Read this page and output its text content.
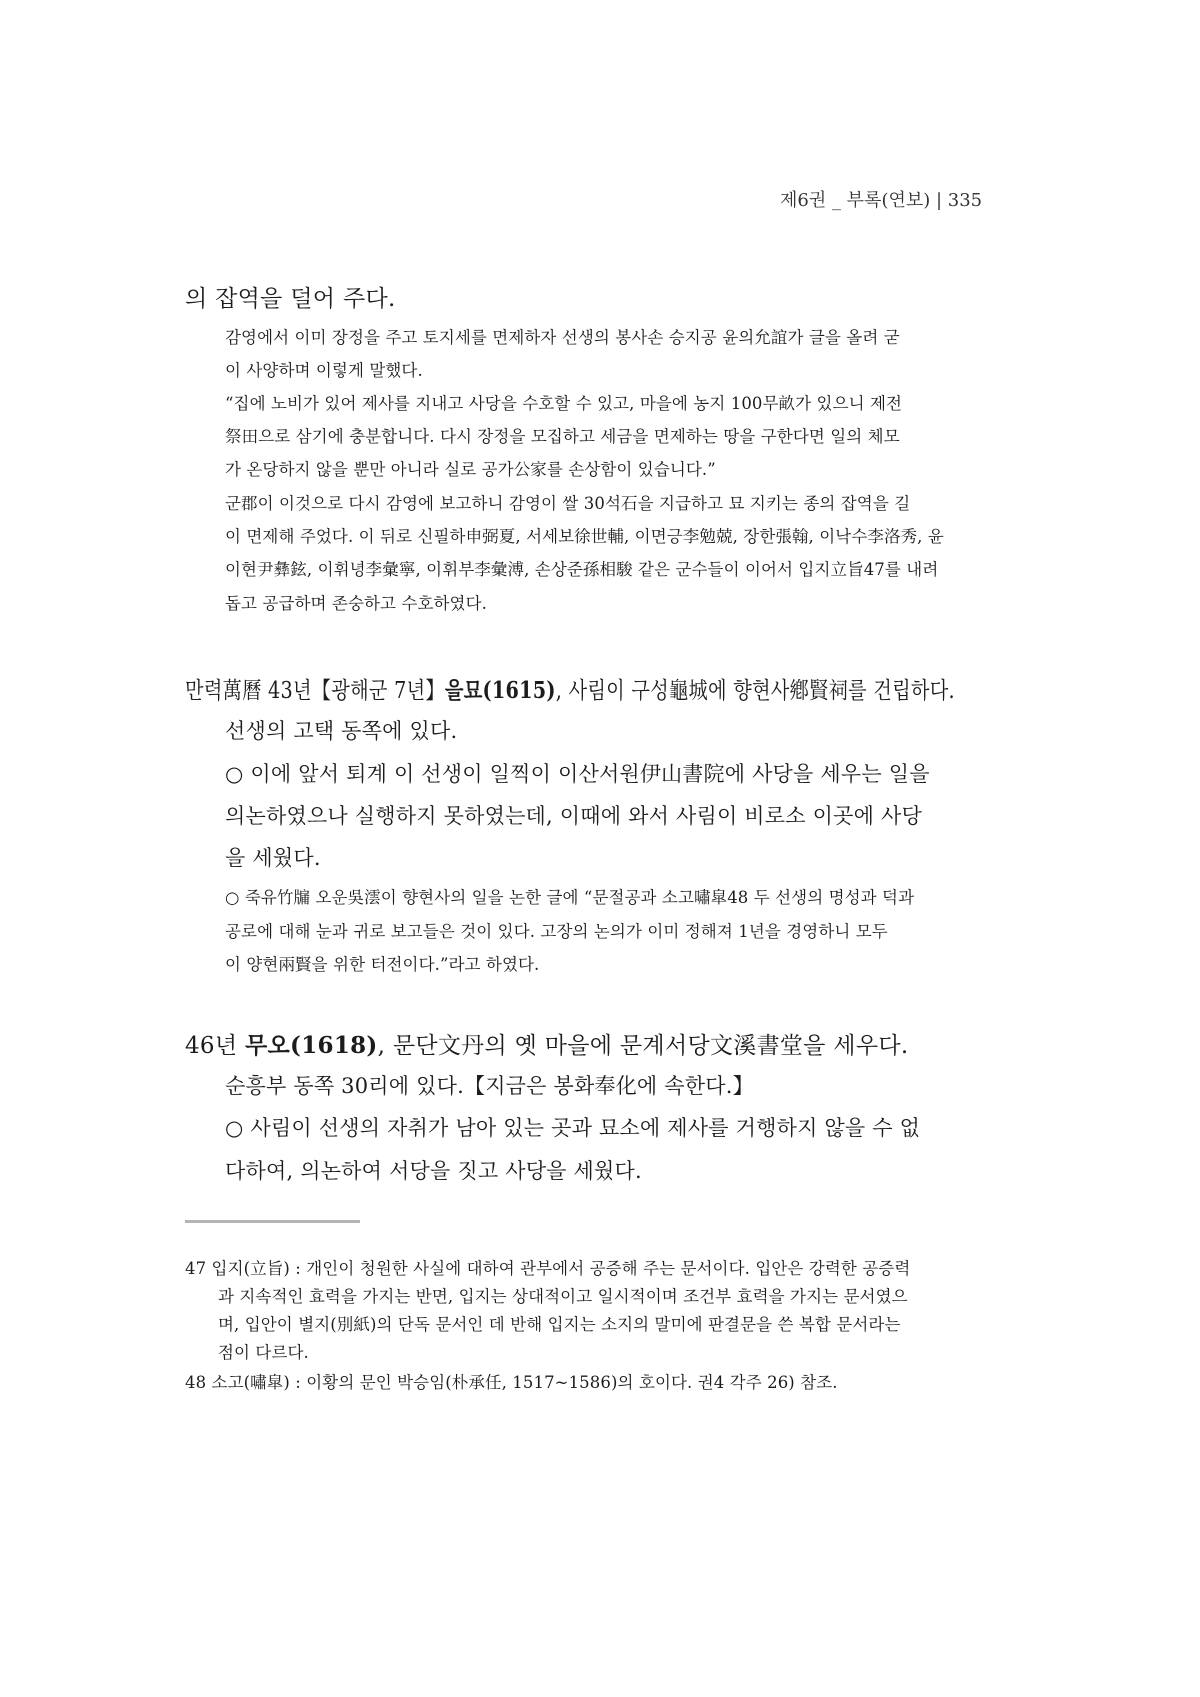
제6권 _ 부록(연보) | 335
의 잡역을 덜어 주다.
감영에서 이미 장정을 주고 토지세를 면제하자 선생의 봉사손 승지공 윤의允誼가 글을 올려 굳
이 사양하며 이렇게 말했다.
“집에 노비가 있어 제사를 지내고 사당을 수호할 수 있고, 마을에 농지 100무畝가 있으니 제전
祭田으로 삼기에 충분합니다. 다시 장정을 모집하고 세금을 면제하는 땅을 구한다면 일의 체모
가 온당하지 않을 뿐만 아니라 실로 공가公家를 손상함이 있습니다.”
군郡이 이것으로 다시 감영에 보고하니 감영이 쌀 30석石을 지급하고 묘 지키는 종의 잡역을 길
이 면제해 주었다. 이 뒤로 신필하申弼夏, 서세보徐世輔, 이면긍李勉兢, 장한張翰, 이낙수李洛秀, 윤
이현尹彝鉉, 이휘녕李彙寧, 이휘부李彙溥, 손상준孫相駿 같은 군수들이 이어서 입지立旨47를 내려
돕고 공급하며 존숭하고 수호하였다.
만력萬曆 43년【광해군 7년】을묘(1615), 사림이 구성龜城에 향현사鄕賢祠를 건립하다.
선생의 고택 동쪽에 있다.
○ 이에 앞서 퇴계 이 선생이 일찍이 이산서원伊山書院에 사당을 세우는 일을
의논하였으나 실행하지 못하였는데, 이때에 와서 사림이 비로소 이곳에 사당
을 세웠다.
○ 죽유竹牖 오운吳澐이 향현사의 일을 논한 글에 “문절공과 소고嘯皐48 두 선생의 명성과 덕과
공로에 대해 눈과 귀로 보고들은 것이 있다. 고장의 논의가 이미 정해져 1년을 경영하니 모두
이 양현兩賢을 위한 터전이다.”라고 하였다.
46년 무오(1618), 문단文丹의 옛 마을에 문계서당文溪書堂을 세우다.
순흥부 동쪽 30리에 있다.【지금은 봉화奉化에 속한다.】
○ 사림이 선생의 자취가 남아 있는 곳과 묘소에 제사를 거행하지 않을 수 없
다하여, 의논하여 서당을 짓고 사당을 세웠다.
47 입지(立旨) : 개인이 청원한 사실에 대하여 관부에서 공증해 주는 문서이다. 입안은 강력한 공증력
과 지속적인 효력을 가지는 반면, 입지는 상대적이고 일시적이며 조건부 효력을 가지는 문서였으
며, 입안이 별지(別紙)의 단독 문서인 데 반해 입지는 소지의 말미에 판결문을 쓴 복합 문서라는
점이 다르다.
48 소고(嘯皐) : 이황의 문인 박승임(朴承任, 1517~1586)의 호이다. 권4 각주 26) 참조.
